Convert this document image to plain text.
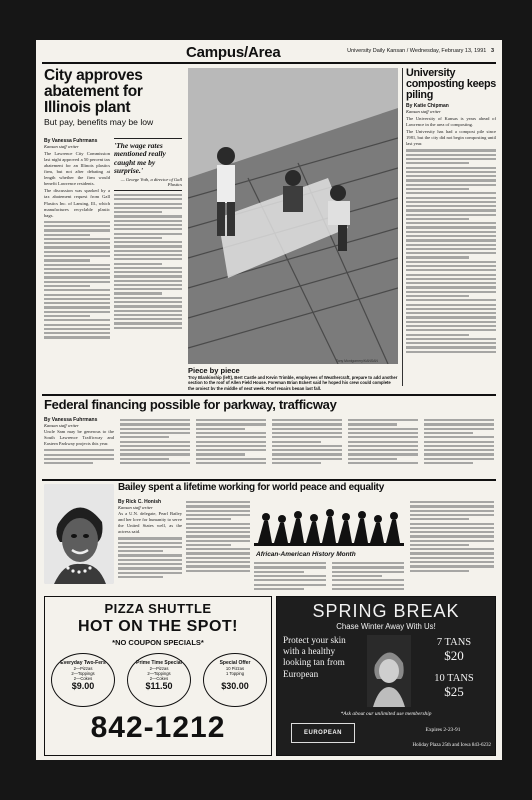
Campus/Area	University Daily Kansan / Wednesday, February 13, 1991 3
City approves abatement for Illinois plant
But pay, benefits may be low
By Vanessa Fuhrmans
Kansan staff writer
The Lawrence City Commission last night approved a 50 percent tax abatement for an Illinois plastics firm, but not after debating at length whether the firm would benefit Lawrence residents.
The discussion was sparked by a tax abatement request from Gall Plastics Inc. of Lansing, Ill., which manufactures recyclable plastic bags.
'The wage rates mentioned really caught me by surprise.'
— George Voth, a director of Gall Plastics
Piece by piece
Troy Blankinship (left), Bert Castle and Kevin Trimble, employees of Weathercraft, prepare to add another section to the roof of Allen Field House. Foreman Brian Eckert said he hoped his crew could complete the project by the middle of next week. Roof repairs began last fall.
Tony Montgomery/KANSAN
University composting keeps piling
By Katie Chipman
Kansan staff writer
The University of Kansas is years ahead of Lawrence in the area of composting.
The University has had a compost pile since 1981, but the city did not begin composting until last year.
Federal financing possible for parkway, trafficway
By Vanessa Fuhrmans
Kansan staff writer
Uncle Sam may be generous to the South Lawrence Trafficway and Eastern Parkway projects this year.
Bailey spent a lifetime working for world peace and equality
By Rick C. Honish
Kansan staff writer
As a U.N. delegate, Pearl Bailey and her love for humanity to serve the United States well, as the actress said.
African-American History Month
PIZZA SHUTTLE
HOT ON THE SPOT!
*NO COUPON SPECIALS*
Everyday Two-Fers
2—Pizzas
2—Toppings
2—Cokes
$9.00
Prime Time Special
2—Pizzas
2—Toppings
2—Cokes
$11.50
Special Offer
10 Pizzas
1 Topping
$30.00
842-1212
SPRING BREAK
Chase Winter Away With Us!
Protect your skin with a healthy looking tan from European
7 TANS
$20
10 TANS
$25
*Ask about our unlimited use membership
EUROPEAN	Expires 2-23-91
Holiday Plaza 25th and Iowa 843-6232
